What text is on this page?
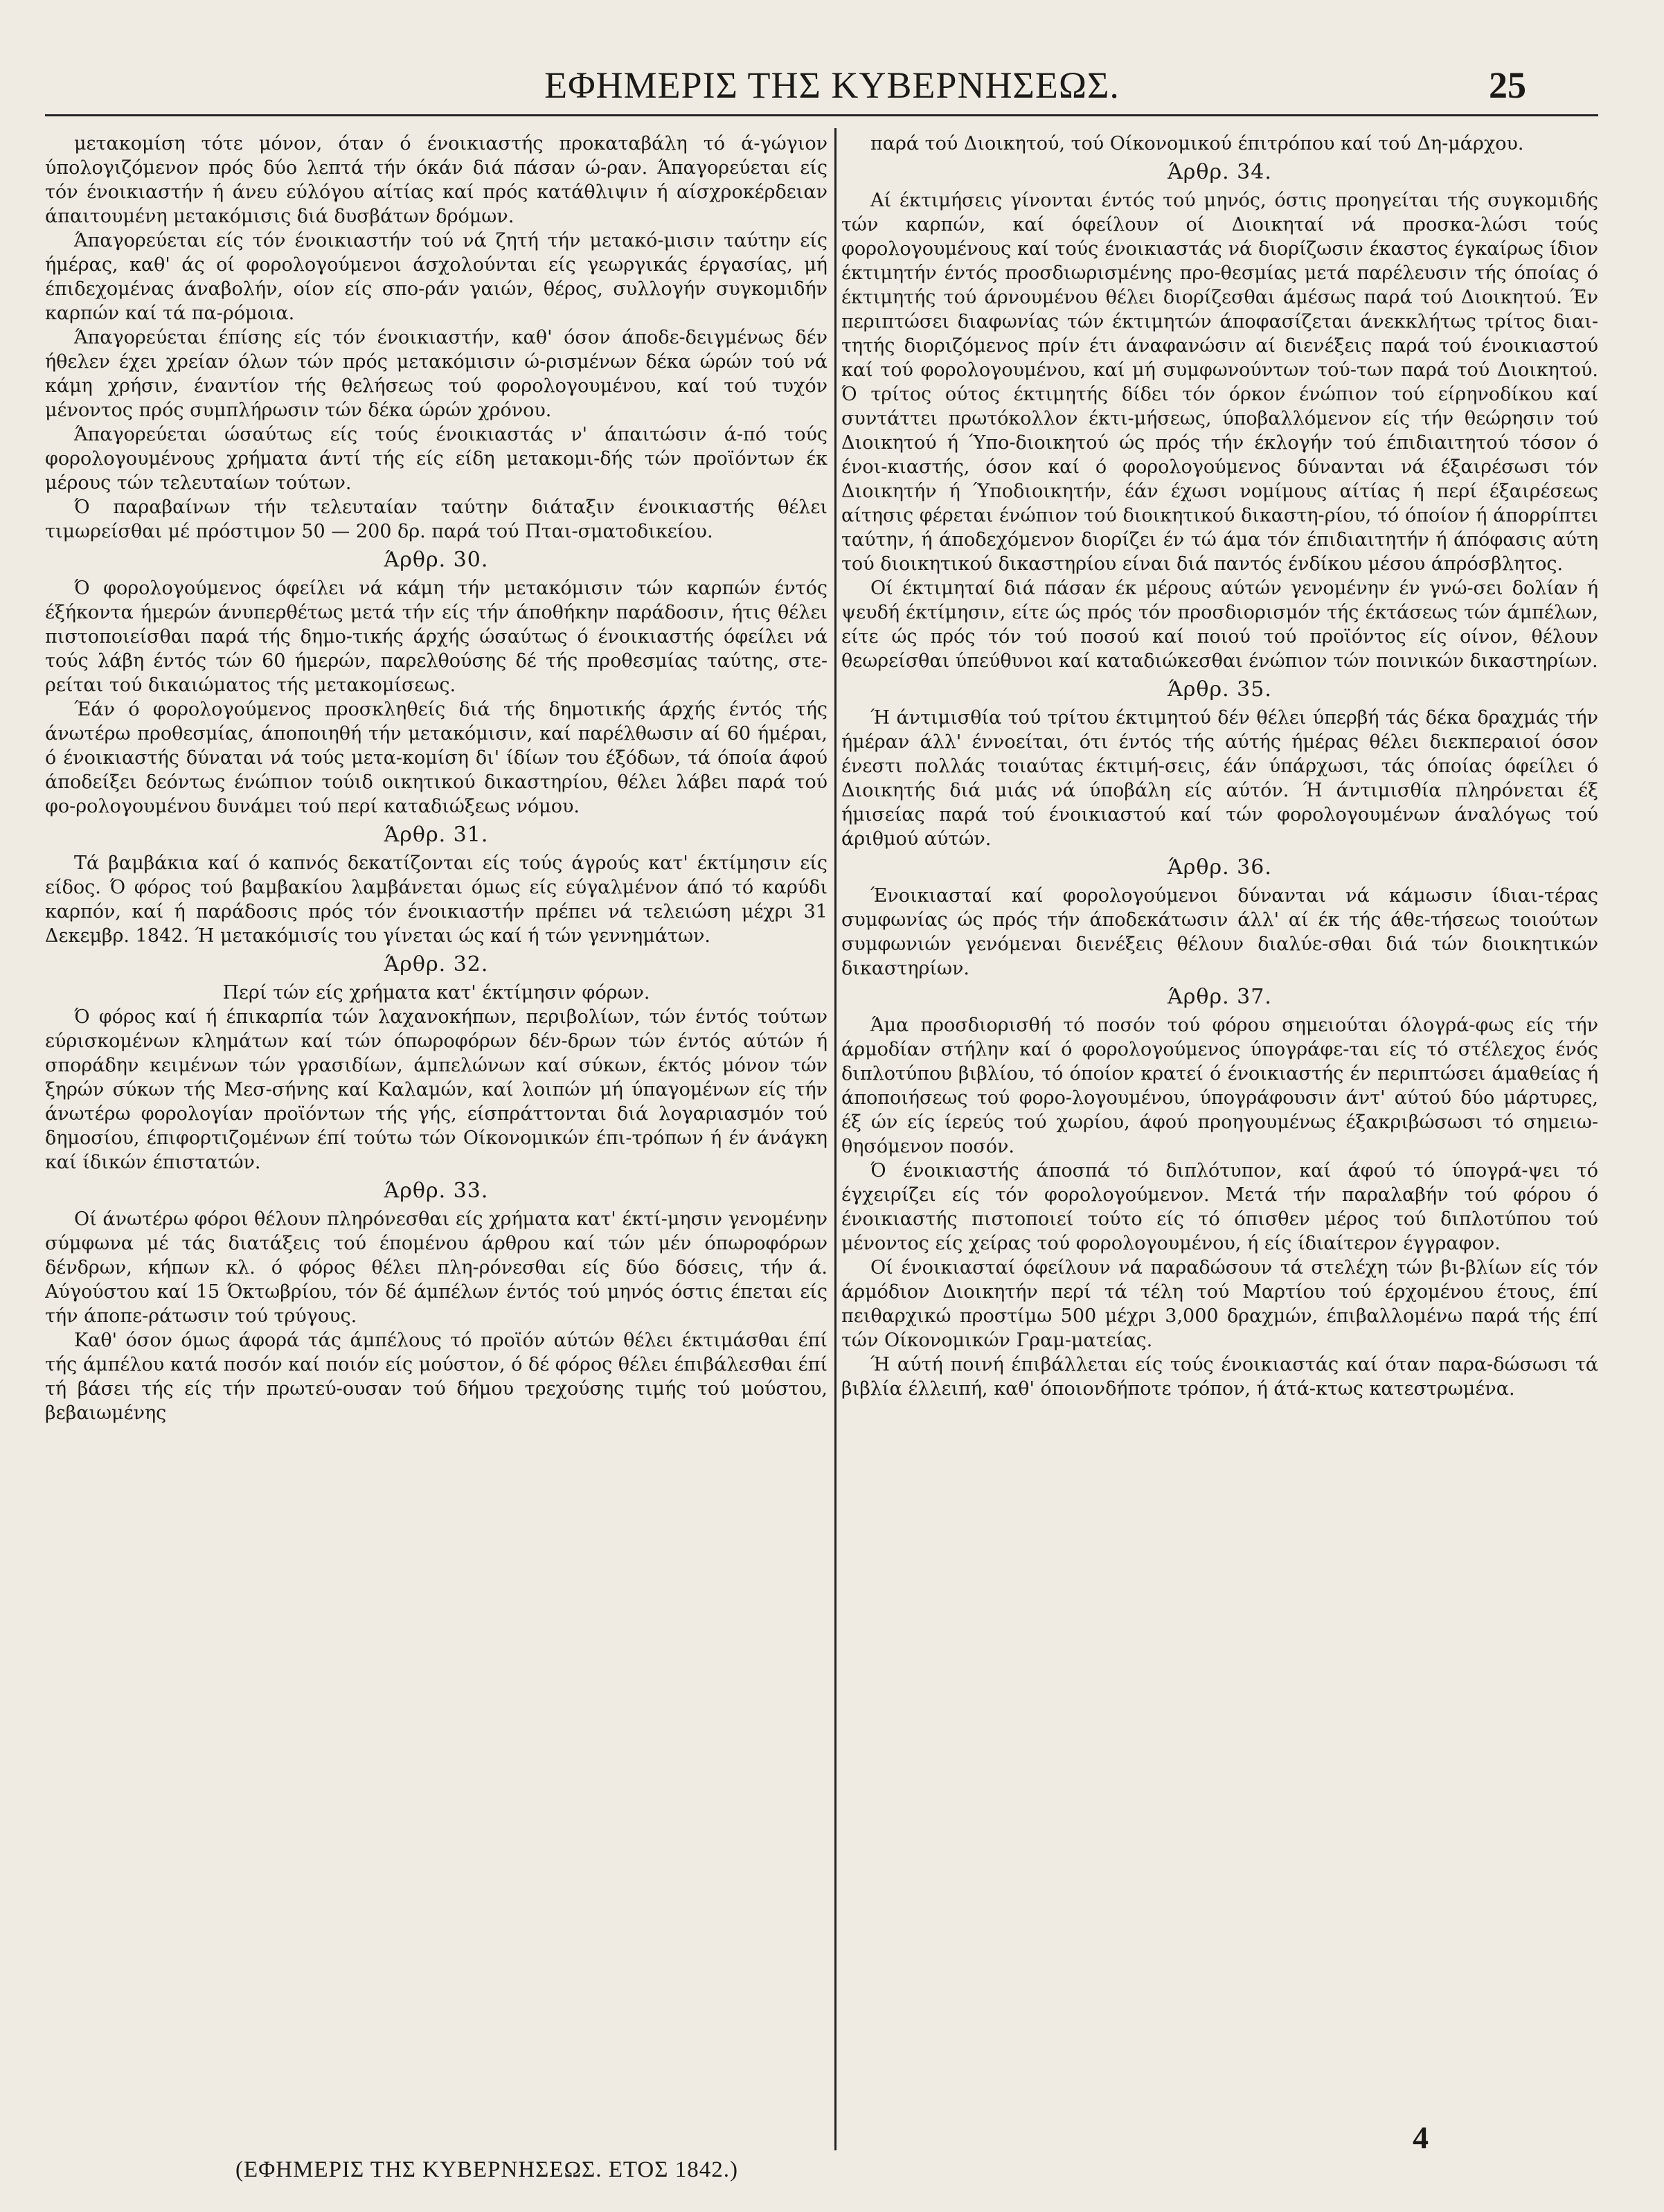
ΕΦΗΜΕΡΙΣ ΤΗΣ ΚΥΒΕΡΝΗΣΕΩΣ.	25

μετακομίση τότε μόνον, όταν ό ένοικιαστής προκαταβάλη τό ά-γώγιον ύπολογιζόμενον πρός δύο λεπτά τήν όκάν διά πάσαν ώ-ραν. Άπαγορεύεται είς τόν ένοικιαστήν ή άνευ εύλόγου αίτίας καί πρός κατάθλιψιν ή αίσχροκέρδειαν άπαιτουμένη μετακόμισις διά δυσβάτων δρόμων.

Άπαγορεύεται είς τόν ένοικιαστήν τού νά ζητή τήν μετακό-μισιν ταύτην είς ήμέρας, καθ' άς οί φορολογούμενοι άσχολούνται είς γεωργικάς έργασίας, μή έπιδεχομένας άναβολήν, οίον είς σπο-ράν γαιών, θέρος, συλλογήν συγκομιδήν καρπών καί τά πα-ρόμοια.

Άπαγορεύεται έπίσης είς τόν ένοικιαστήν, καθ' όσον άποδε-δειγμένως δέν ήθελεν έχει χρείαν όλων τών πρός μετακόμισιν ώ-ρισμένων δέκα ώρών τού νά κάμη χρήσιν, έναντίον τής θελήσεως τού φορολογουμένου, καί τού τυχόν μένοντος πρός συμπλήρωσιν τών δέκα ώρών χρόνου.

Άπαγορεύεται ώσαύτως είς τούς ένοικιαστάς ν' άπαιτώσιν ά-πό τούς φορολογουμένους χρήματα άντί τής είς είδη μετακομι-δής τών προϊόντων έκ μέρους τών τελευταίων τούτων.

Ό παραβαίνων τήν τελευταίαν ταύτην διάταξιν ένοικιαστής θέλει τιμωρείσθαι μέ πρόστιμον 50 — 200 δρ. παρά τού Πται-σματοδικείου.

Άρθρ. 30.

Ό φορολογούμενος όφείλει νά κάμη τήν μετακόμισιν τών καρπών έντός έξήκοντα ήμερών άνυπερθέτως μετά τήν είς τήν άποθήκην παράδοσιν, ήτις θέλει πιστοποιείσθαι παρά τής δημο-τικής άρχής ώσαύτως ό ένοικιαστής όφείλει νά τούς λάβη έντός τών 60 ήμερών, παρελθούσης δέ τής προθεσμίας ταύτης, στε-ρείται τού δικαιώματος τής μετακομίσεως.

Έάν ό φορολογούμενος προσκληθείς διά τής δημοτικής άρχής έντός τής άνωτέρω προθεσμίας, άποποιηθή τήν μετακόμισιν, καί παρέλθωσιν αί 60 ήμέραι, ό ένοικιαστής δύναται νά τούς μετα-κομίση δι' ίδίων του έξόδων, τά όποία άφού άποδείξει δεόντως ένώπιον τούιδ οικητικού δικαστηρίου, θέλει λάβει παρά τού φο-ρολογουμένου δυνάμει τού περί καταδιώξεως νόμου.

Άρθρ. 31.

Τά βαμβάκια καί ό καπνός δεκατίζονται είς τούς άγρούς κατ' έκτίμησιν είς είδος. Ό φόρος τού βαμβακίου λαμβάνεται όμως είς εύγαλμένον άπό τό καρύδι καρπόν, καί ή παράδοσις πρός τόν ένοικιαστήν πρέπει νά τελειώση μέχρι 31 Δεκεμβρ. 1842. Ή μετακόμισίς του γίνεται ώς καί ή τών γεννημάτων.

Άρθρ. 32.

Περί τών είς χρήματα κατ' έκτίμησιν φόρων.

Ό φόρος καί ή έπικαρπία τών λαχανοκήπων, περιβολίων, τών έντός τούτων εύρισκομένων κλημάτων καί τών όπωροφόρων δέν-δρων τών έντός αύτών ή σποράδην κειμένων τών γρασιδίων, άμπελώνων καί σύκων, έκτός μόνον τών ξηρών σύκων τής Μεσ-σήνης καί Καλαμών, καί λοιπών μή ύπαγομένων είς τήν άνωτέρω φορολογίαν προϊόντων τής γής, είσπράττονται διά λογαριασμόν τού δημοσίου, έπιφορτιζομένων έπί τούτω τών Οίκονομικών έπι-τρόπων ή έν άνάγκη καί ίδικών έπιστατών.

Άρθρ. 33.

Οί άνωτέρω φόροι θέλουν πληρόνεσθαι είς χρήματα κατ' έκτί-μησιν γενομένην σύμφωνα μέ τάς διατάξεις τού έπομένου άρθρου καί τών μέν όπωροφόρων δένδρων, κήπων κλ. ό φόρος θέλει πλη-ρόνεσθαι είς δύο δόσεις, τήν ά. Αύγούστου καί 15 Όκτωβρίου, τόν δέ άμπέλων έντός τού μηνός όστις έπεται είς τήν άποπε-ράτωσιν τού τρύγους.

Καθ' όσον όμως άφορά τάς άμπέλους τό προϊόν αύτών θέλει έκτιμάσθαι έπί τής άμπέλου κατά ποσόν καί ποιόν είς μούστον, ό δέ φόρος θέλει έπιβάλεσθαι έπί τή βάσει τής είς τήν πρωτεύ-ουσαν τού δήμου τρεχούσης τιμής τού μούστου, βεβαιωμένης

παρά τού Διοικητού, τού Οίκονομικού έπιτρόπου καί τού Δη-μάρχου.

Άρθρ. 34.

Αί έκτιμήσεις γίνονται έντός τού μηνός, όστις προηγείται τής συγκομιδής τών καρπών, καί όφείλουν οί Διοικηταί νά προσκα-λώσι τούς φορολογουμένους καί τούς ένοικιαστάς νά διορίζωσιν έκαστος έγκαίρως ίδιον έκτιμητήν έντός προσδιωρισμένης προ-θεσμίας μετά παρέλευσιν τής όποίας ό έκτιμητής τού άρνουμένου θέλει διορίζεσθαι άμέσως παρά τού Διοικητού. Έν περιπτώσει διαφωνίας τών έκτιμητών άποφασίζεται άνεκκλήτως τρίτος διαι-τητής διοριζόμενος πρίν έτι άναφανώσιν αί διενέξεις παρά τού ένοικιαστού καί τού φορολογουμένου, καί μή συμφωνούντων τού-των παρά τού Διοικητού. Ό τρίτος ούτος έκτιμητής δίδει τόν όρκον ένώπιον τού είρηνοδίκου καί συντάττει πρωτόκολλον έκτι-μήσεως, ύποβαλλόμενον είς τήν θεώρησιν τού Διοικητού ή Ύπο-διοικητού ώς πρός τήν έκλογήν τού έπιδιαιτητού τόσον ό ένοι-κιαστής, όσον καί ό φορολογούμενος δύνανται νά έξαιρέσωσι τόν Διοικητήν ή Ύποδιοικητήν, έάν έχωσι νομίμους αίτίας ή περί έξαιρέσεως αίτησις φέρεται ένώπιον τού διοικητικού δικαστη-ρίου, τό όποίον ή άπορρίπτει ταύτην, ή άποδεχόμενον διορίζει έν τώ άμα τόν έπιδιαιτητήν ή άπόφασις αύτη τού διοικητικού δικαστηρίου είναι διά παντός ένδίκου μέσου άπρόσβλητος.

Οί έκτιμηταί διά πάσαν έκ μέρους αύτών γενομένην έν γνώ-σει δολίαν ή ψευδή έκτίμησιν, είτε ώς πρός τόν προσδιορισμόν τής έκτάσεως τών άμπέλων, είτε ώς πρός τόν τού ποσού καί ποιού τού προϊόντος είς οίνον, θέλουν θεωρείσθαι ύπεύθυνοι καί καταδιώκεσθαι ένώπιον τών ποινικών δικαστηρίων.

Άρθρ. 35.

Ή άντιμισθία τού τρίτου έκτιμητού δέν θέλει ύπερβή τάς δέκα δραχμάς τήν ήμέραν άλλ' έννοείται, ότι έντός τής αύτής ήμέρας θέλει διεκπεραιοί όσον ένεστι πολλάς τοιαύτας έκτιμή-σεις, έάν ύπάρχωσι, τάς όποίας όφείλει ό Διοικητής διά μιάς νά ύποβάλη είς αύτόν. Ή άντιμισθία πληρόνεται έξ ήμισείας παρά τού ένοικιαστού καί τών φορολογουμένων άναλόγως τού άριθμού αύτών.

Άρθρ. 36.

Ένοικιασταί καί φορολογούμενοι δύνανται νά κάμωσιν ίδιαι-τέρας συμφωνίας ώς πρός τήν άποδεκάτωσιν άλλ' αί έκ τής άθε-τήσεως τοιούτων συμφωνιών γενόμεναι διενέξεις θέλουν διαλύε-σθαι διά τών διοικητικών δικαστηρίων.

Άρθρ. 37.

Άμα προσδιορισθή τό ποσόν τού φόρου σημειούται όλογρά-φως είς τήν άρμοδίαν στήλην καί ό φορολογούμενος ύπογράφε-ται είς τό στέλεχος ένός διπλοτύπου βιβλίου, τό όποίον κρατεί ό ένοικιαστής έν περιπτώσει άμαθείας ή άποποιήσεως τού φορο-λογουμένου, ύπογράφουσιν άντ' αύτού δύο μάρτυρες, έξ ών είς ίερεύς τού χωρίου, άφού προηγουμένως έξακριβώσωσι τό σημειω-θησόμενον ποσόν.

Ό ένοικιαστής άποσπά τό διπλότυπον, καί άφού τό ύπογρά-ψει τό έγχειρίζει είς τόν φορολογούμενον. Μετά τήν παραλαβήν τού φόρου ό ένοικιαστής πιστοποιεί τούτο είς τό όπισθεν μέρος τού διπλοτύπου τού μένοντος είς χείρας τού φορολογουμένου, ή είς ίδιαίτερον έγγραφον.

Οί ένοικιασταί όφείλουν νά παραδώσουν τά στελέχη τών βι-βλίων είς τόν άρμόδιον Διοικητήν περί τά τέλη τού Μαρτίου τού έρχομένου έτους, έπί πειθαρχικώ προστίμω 500 μέχρι 3,000 δραχμών, έπιβαλλομένω παρά τής έπί τών Οίκονομικών Γραμ-ματείας.

Ή αύτή ποινή έπιβάλλεται είς τούς ένοικιαστάς καί όταν παρα-δώσωσι τά βιβλία έλλειπή, καθ' όποιονδήποτε τρόπον, ή άτά-κτως κατεστρωμένα.

4
(ΕΦΗΜΕΡΙΣ ΤΗΣ ΚΥΒΕΡΝΗΣΕΩΣ. ΕΤΟΣ 1842.)
